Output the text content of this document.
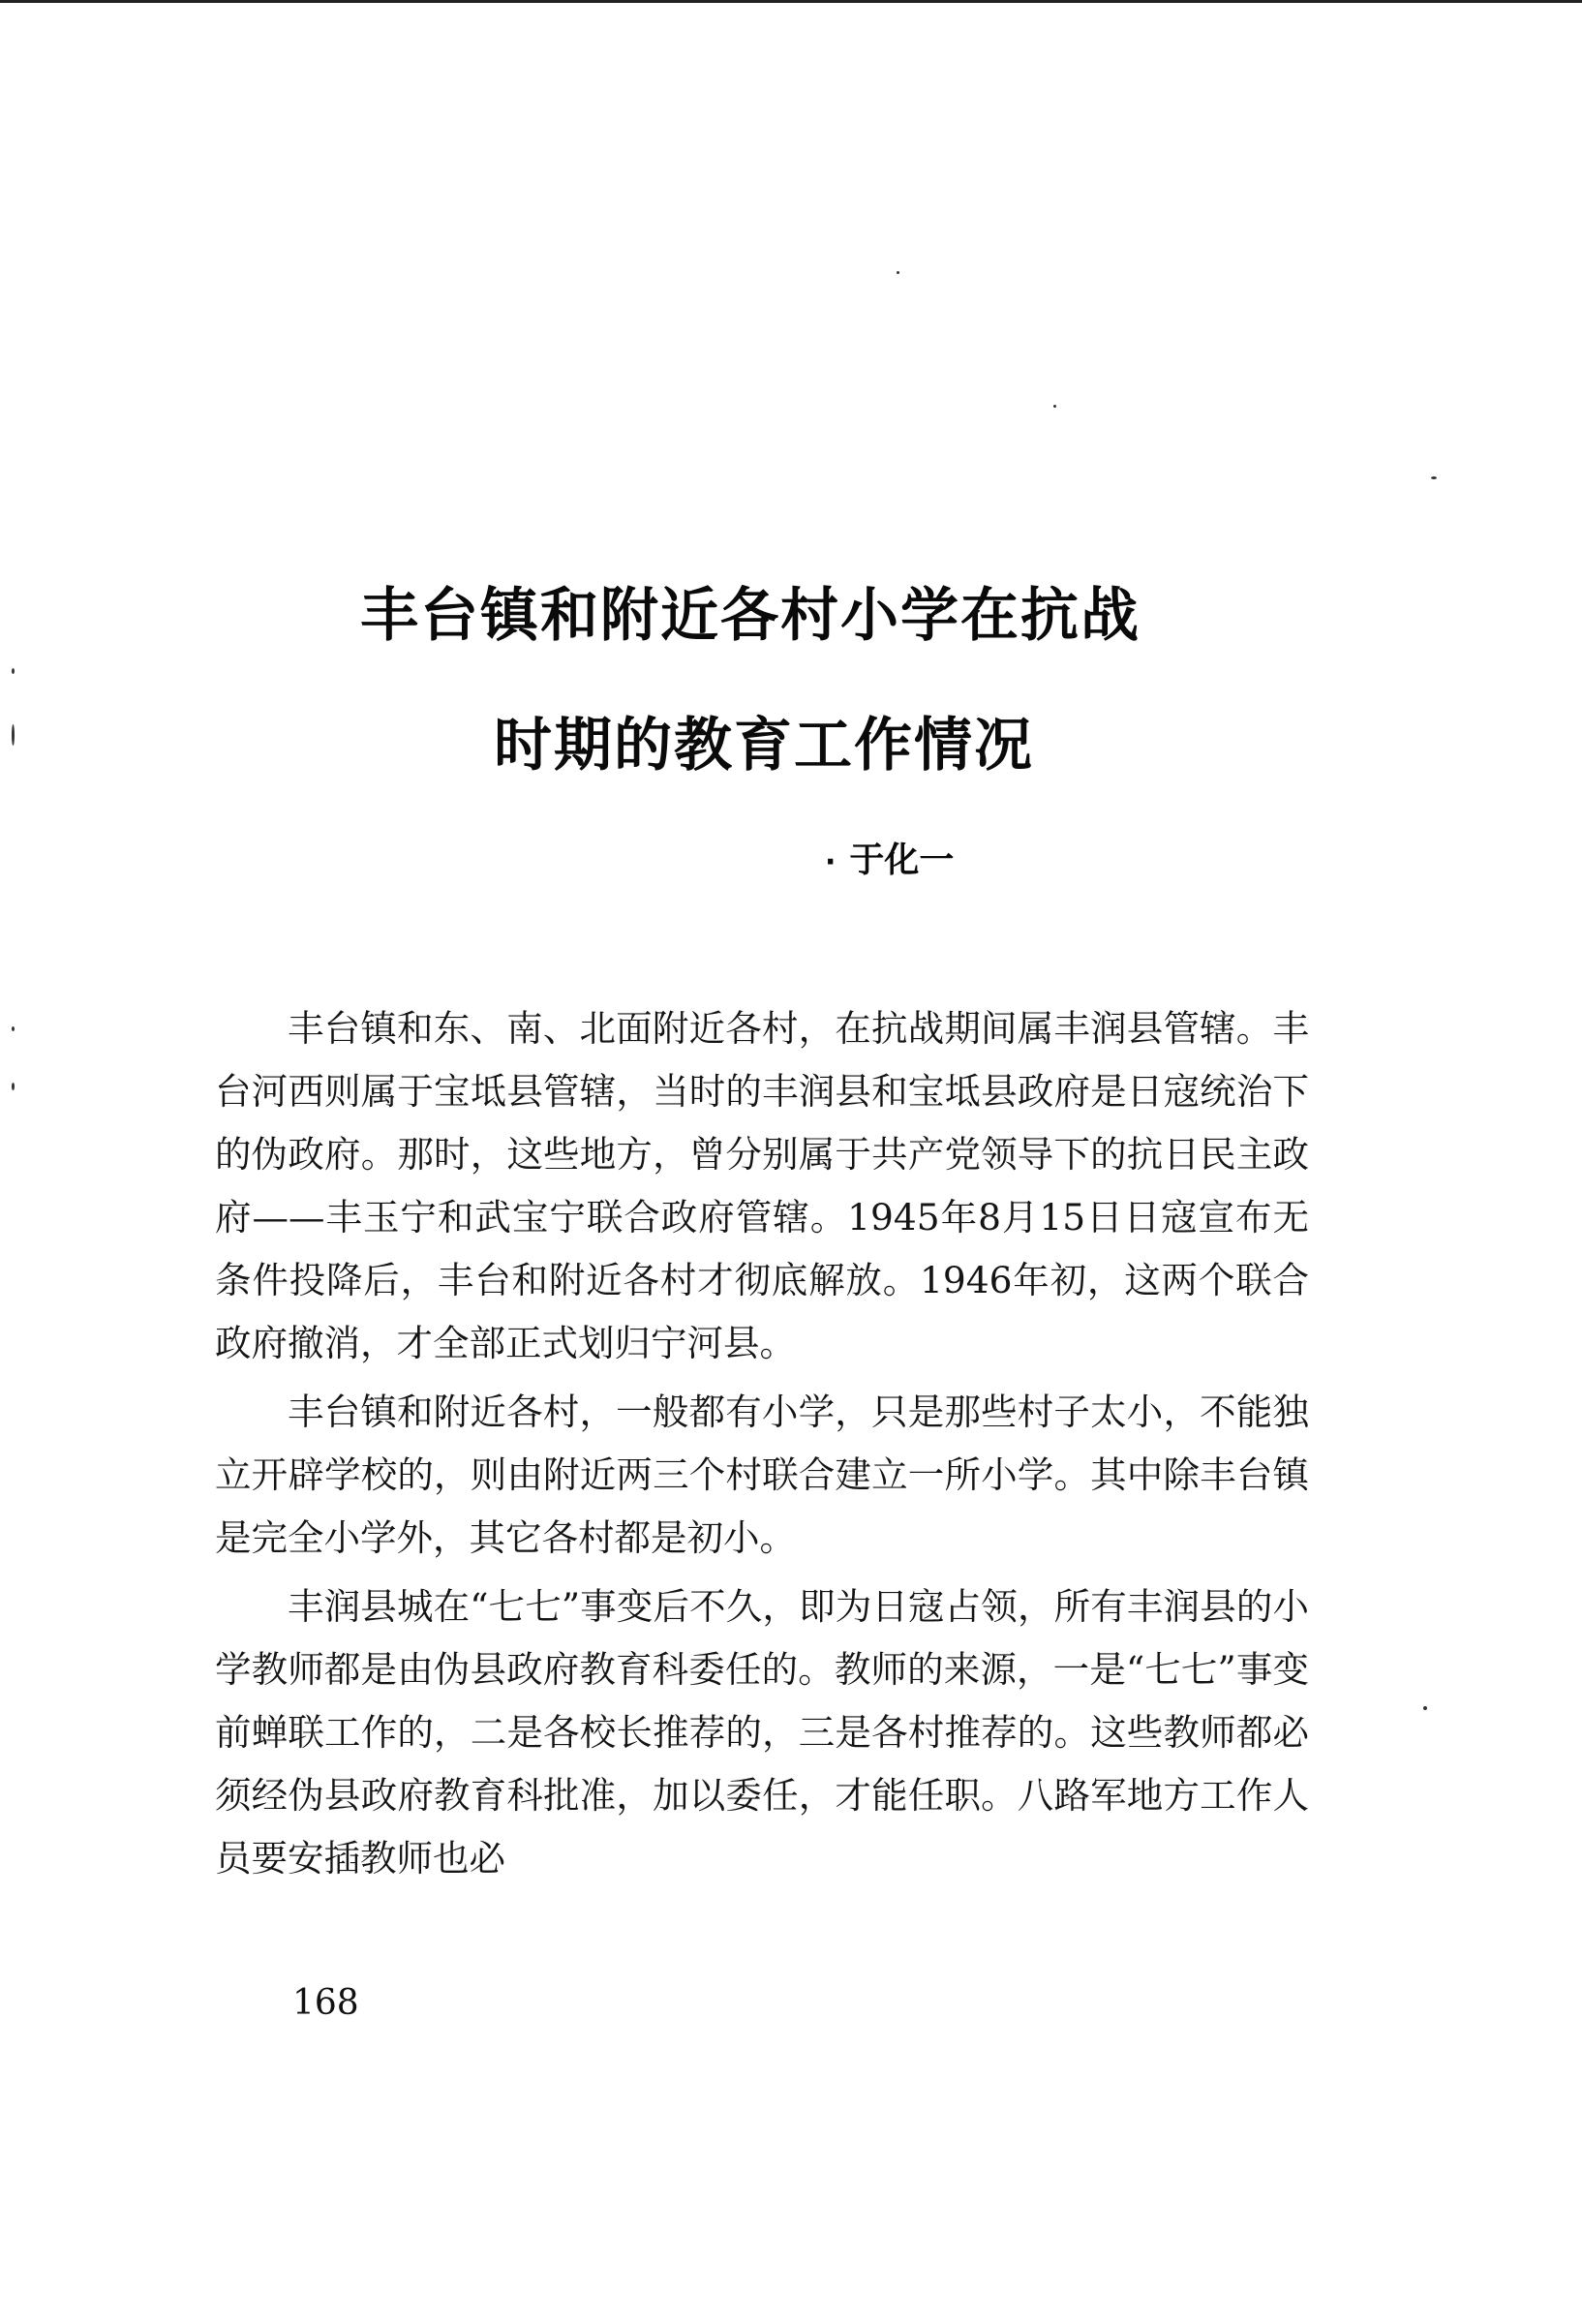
丰台镇和附近各村小学在抗战
时期的教育工作情况
· 于化一

丰台镇和东、南、北面附近各村，在抗战期间属丰润县管辖。丰台河西则属于宝坻县管辖，当时的丰润县和宝坻县政府是日寇统治下的伪政府。那时，这些地方，曾分别属于共产党领导下的抗日民主政府——丰玉宁和武宝宁联合政府管辖。1945年8月15日日寇宣布无条件投降后，丰台和附近各村才彻底解放。1946年初，这两个联合政府撤消，才全部正式划归宁河县。

丰台镇和附近各村，一般都有小学，只是那些村子太小，不能独立开辟学校的，则由附近两三个村联合建立一所小学。其中除丰台镇是完全小学外，其它各村都是初小。

丰润县城在“七七”事变后不久，即为日寇占领，所有丰润县的小学教师都是由伪县政府教育科委任的。教师的来源，一是“七七”事变前蝉联工作的，二是各校长推荐的，三是各村推荐的。这些教师都必须经伪县政府教育科批准，加以委任，才能任职。八路军地方工作人员要安插教师也必

168
